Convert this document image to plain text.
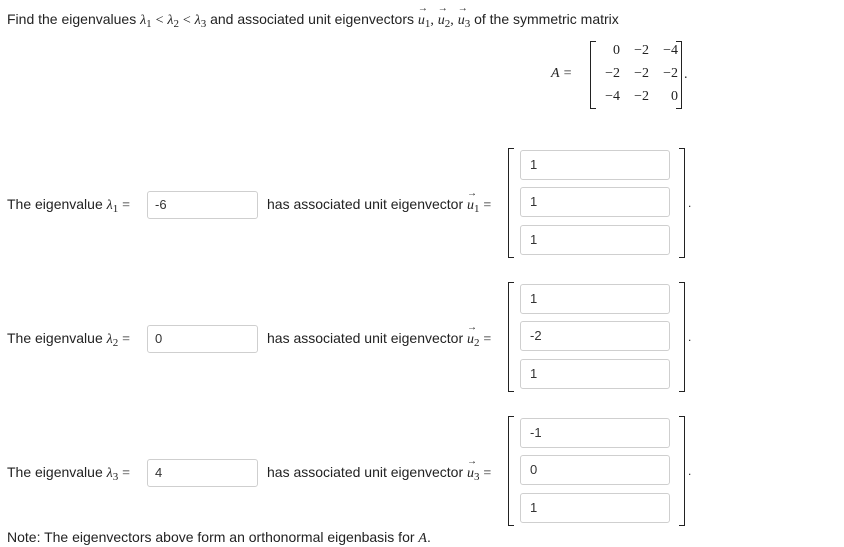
Find the eigenvalues $\lambda_1 < \lambda_2 < \lambda_3$ and associated unit eigenvectors → $u_1$, → $u_2$, → $u_3$ of the symmetric matrix
A =
0	−2	−4
−2	−2	−2
−4	−2	0
.
The eigenvalue $\lambda_1$ =	-6	has associated unit eigenvector → $u_1$ =
1
1
1
.
The eigenvalue $\lambda_2$ =	0	has associated unit eigenvector → $u_2$ =
1
-2
1
.
The eigenvalue $\lambda_3$ =	4	has associated unit eigenvector → $u_3$ =
-1
0
1
.
Note: The eigenvectors above form an orthonormal eigenbasis for A.
